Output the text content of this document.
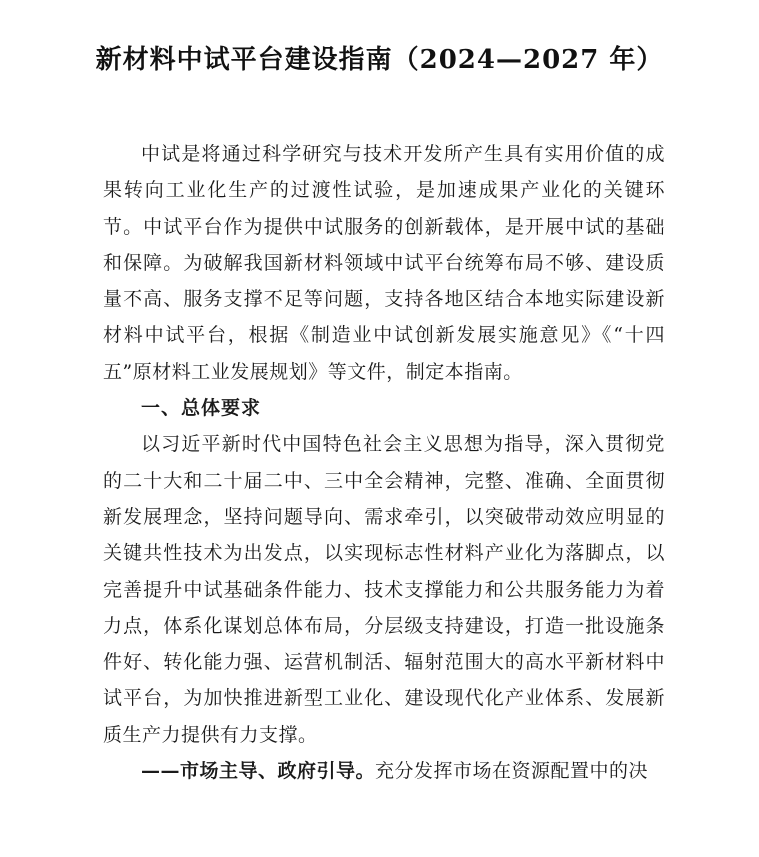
新材料中试平台建设指南（2024—2027 年）

中试是将通过科学研究与技术开发所产生具有实用价值的成果转向工业化生产的过渡性试验，是加速成果产业化的关键环节。中试平台作为提供中试服务的创新载体，是开展中试的基础和保障。为破解我国新材料领域中试平台统筹布局不够、建设质量不高、服务支撑不足等问题，支持各地区结合本地实际建设新材料中试平台，根据《制造业中试创新发展实施意见》《“十四五”原材料工业发展规划》等文件，制定本指南。

一、总体要求

以习近平新时代中国特色社会主义思想为指导，深入贯彻党的二十大和二十届二中、三中全会精神，完整、准确、全面贯彻新发展理念，坚持问题导向、需求牵引，以突破带动效应明显的关键共性技术为出发点，以实现标志性材料产业化为落脚点，以完善提升中试基础条件能力、技术支撑能力和公共服务能力为着力点，体系化谋划总体布局，分层级支持建设，打造一批设施条件好、转化能力强、运营机制活、辐射范围大的高水平新材料中试平台，为加快推进新型工业化、建设现代化产业体系、发展新质生产力提供有力支撑。

——市场主导、政府引导。充分发挥市场在资源配置中的决
